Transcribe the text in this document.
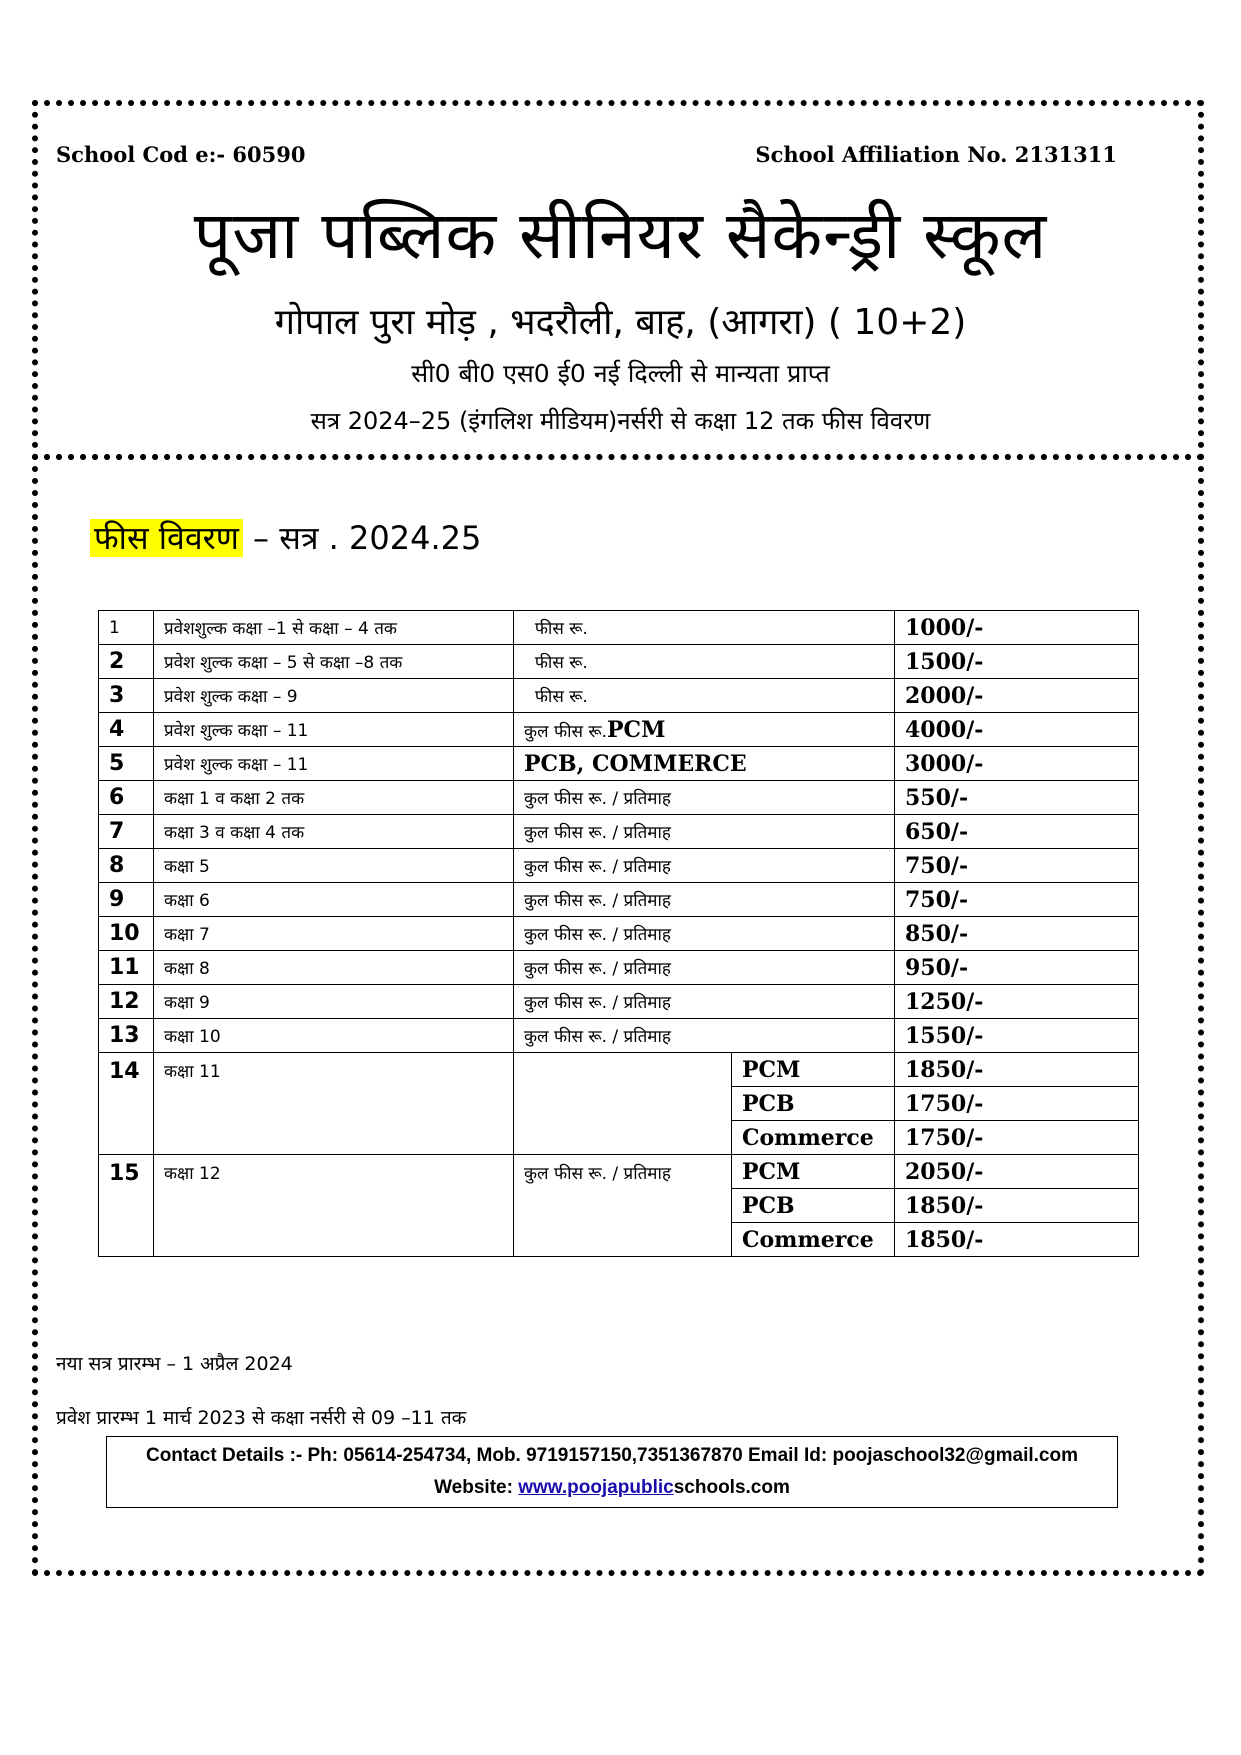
School Cod e:- 60590	School Affiliation No. 2131311
पूजा पब्लिक सीनियर सैकेन्ड्री स्कूल
गोपाल पुरा मोड़ , भदरौली, बाह, (आगरा) ( 10+2)
सी0 बी0 एस0 ई0 नई दिल्ली से मान्यता प्राप्त
सत्र 2024–25 (इंगलिश मीडियम)नर्सरी से कक्षा 12 तक फीस विवरण
फीस विवरण – सत्र . 2024.25
1	प्रवेशशुल्क कक्षा –1 से कक्षा – 4 तक	फीस रू.		1000/-
2	प्रवेश शुल्क कक्षा – 5 से कक्षा –8 तक	फीस रू.		1500/-
3	प्रवेश शुल्क कक्षा – 9	फीस रू.		2000/-
4	प्रवेश शुल्क कक्षा – 11	कुल फीस रू.PCM		4000/-
5	प्रवेश शुल्क कक्षा – 11	PCB, COMMERCE		3000/-
6	कक्षा 1 व कक्षा 2 तक	कुल फीस रू. / प्रतिमाह		550/-
7	कक्षा 3 व कक्षा 4 तक	कुल फीस रू. / प्रतिमाह		650/-
8	कक्षा 5	कुल फीस रू. / प्रतिमाह		750/-
9	कक्षा 6	कुल फीस रू. / प्रतिमाह		750/-
10	कक्षा 7	कुल फीस रू. / प्रतिमाह		850/-
11	कक्षा 8	कुल फीस रू. / प्रतिमाह		950/-
12	कक्षा 9	कुल फीस रू. / प्रतिमाह		1250/-
13	कक्षा 10	कुल फीस रू. / प्रतिमाह		1550/-
14	कक्षा 11		PCM	1850/-
			PCB	1750/-
			Commerce	1750/-
15	कक्षा 12	कुल फीस रू. / प्रतिमाह	PCM	2050/-
			PCB	1850/-
			Commerce	1850/-
नया सत्र प्रारम्भ – 1 अप्रैल 2024
प्रवेश प्रारम्भ 1 मार्च 2023 से कक्षा नर्सरी से 09 –11 तक
Contact Details :- Ph: 05614-254734, Mob. 9719157150,7351367870 Email Id: poojaschool32@gmail.com
Website: www.poojapublicschools.com
